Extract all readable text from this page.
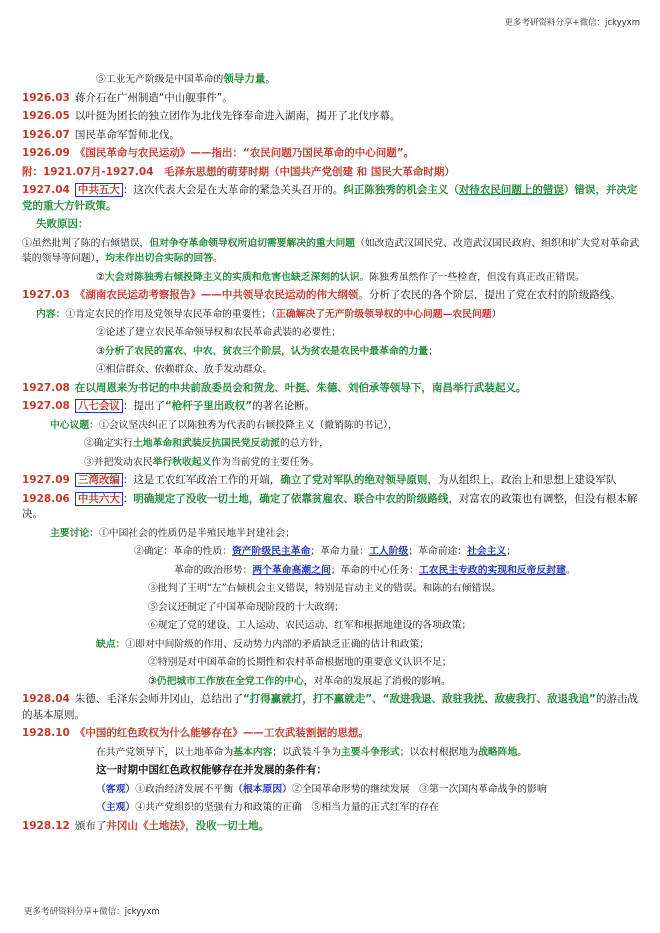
更多考研资料分享+微信：jckyyxm
⑤工业无产阶级是中国革命的领导力量。
1926.03 蒋介石在广州制造“中山舰事件”。
1926.05 以叶挺为团长的独立团作为北伐先锋奉命进入湖南，揭开了北伐序幕。
1926.07 国民革命军誓师北伐。
1926.09 《国民革命与农民运动》——指出：“农民问题乃国民革命的中心问题”。
附：1921.07月-1927.04　毛泽东思想的萌芽时期（中国共产党创建 和 国民大革命时期）
1927.04 中共五大 ：这次代表大会是在大革命的紧急关头召开的。纠正陈独秀的机会主义（对待农民问题上的错误）错误，并决定党的重大方针政策。
失败原因：
①虽然批判了陈的右倾错误，但对争夺革命领导权所迫切需要解决的重大问题（如改造武汉国民党、改造武汉国民政府、组织和扩大党对革命武装的领导等问题），均未作出切合实际的回答。
②大会对陈独秀右倾投降主义的实质和危害也缺乏深刻的认识。陈独秀虽然作了一些检查，但没有真正改正错误。
1927.03 《湖南农民运动考察报告》——中共领导农民运动的伟大纲领。分析了农民的各个阶层，提出了党在农村的阶级路线。
内容：①肯定农民的作用及党领导农民革命的重要性；（正确解决了无产阶级领导权的中心问题—农民问题）
②论述了建立农民革命领导权和农民革命武装的必要性；
③分析了农民的富农、中农、贫农三个阶层，认为贫农是农民中最革命的力量；
④相信群众、依赖群众、放手发动群众。
1927.08 在以周恩来为书记的中共前敌委员会和贺龙、叶挺、朱德、刘伯承等领导下，南昌举行武装起义。
1927.08 八七会议 ：提出了“枪杆子里出政权”的著名论断。
中心议题：①会议坚决纠正了以陈独秀为代表的右倾投降主义（撤销陈的书记），
②确定实行土地革命和武装反抗国民党反动派的总方针，
③并把发动农民举行秋收起义作为当前党的主要任务。
1927.09 三湾改编 ：这是工农红军政治工作的开端，确立了党对军队的绝对领导原则，为从组织上，政治上和思想上建设军队
1928.06 中共六大 ：明确规定了没收一切土地，确定了依靠贫雇农、联合中农的阶级路线，对富农的政策也有调整，但没有根本解决。
主要讨论：①中国社会的性质仍是半殖民地半封建社会；
②确定：革命的性质：资产阶级民主革命；革命力量：工人阶级；革命前途：社会主义；
革命的政治形势：两个革命高潮之间；革命的中心任务：工农民主专政的实现和反帝反封建。
③批判了王明“左”右倾机会主义错误，特别是盲动主义的错误。和陈的右倾错误。
⑤会议还制定了中国革命现阶段的十大政纲；
⑥规定了党的建设、工人运动、农民运动、红军和根据地建设的各项政策；
缺点：①即对中间阶级的作用、反动势力内部的矛盾缺乏正确的估计和政策；
②特别是对中国革命的长期性和农村革命根据地的重要意义认识不足；
③仍把城市工作放在全党工作的中心，对革命的发展起了消极的影响。
1928.04 朱德、毛泽东会师井冈山，总结出了“打得赢就打，打不赢就走”、“敌进我退、敌驻我扰、敌疲我打、敌退我追”的游击战的基本原则。
1928.10 《中国的红色政权为什么能够存在》——工农武装割据的思想。
在共产党领导下，以土地革命为基本内容；以武装斗争为主要斗争形式；以农村根据地为战略阵地。
这一时期中国红色政权能够存在并发展的条件有：
（客观）①政治经济发展不平衡（根本原因）②全国革命形势的继续发展　③第一次国内革命战争的影响
（主观）④共产党组织的坚强有力和政策的正确　⑤相当力量的正式红军的存在
1928.12 颁布了井冈山《土地法》，没收一切土地。
更多考研资料分享+微信：jckyyxm
